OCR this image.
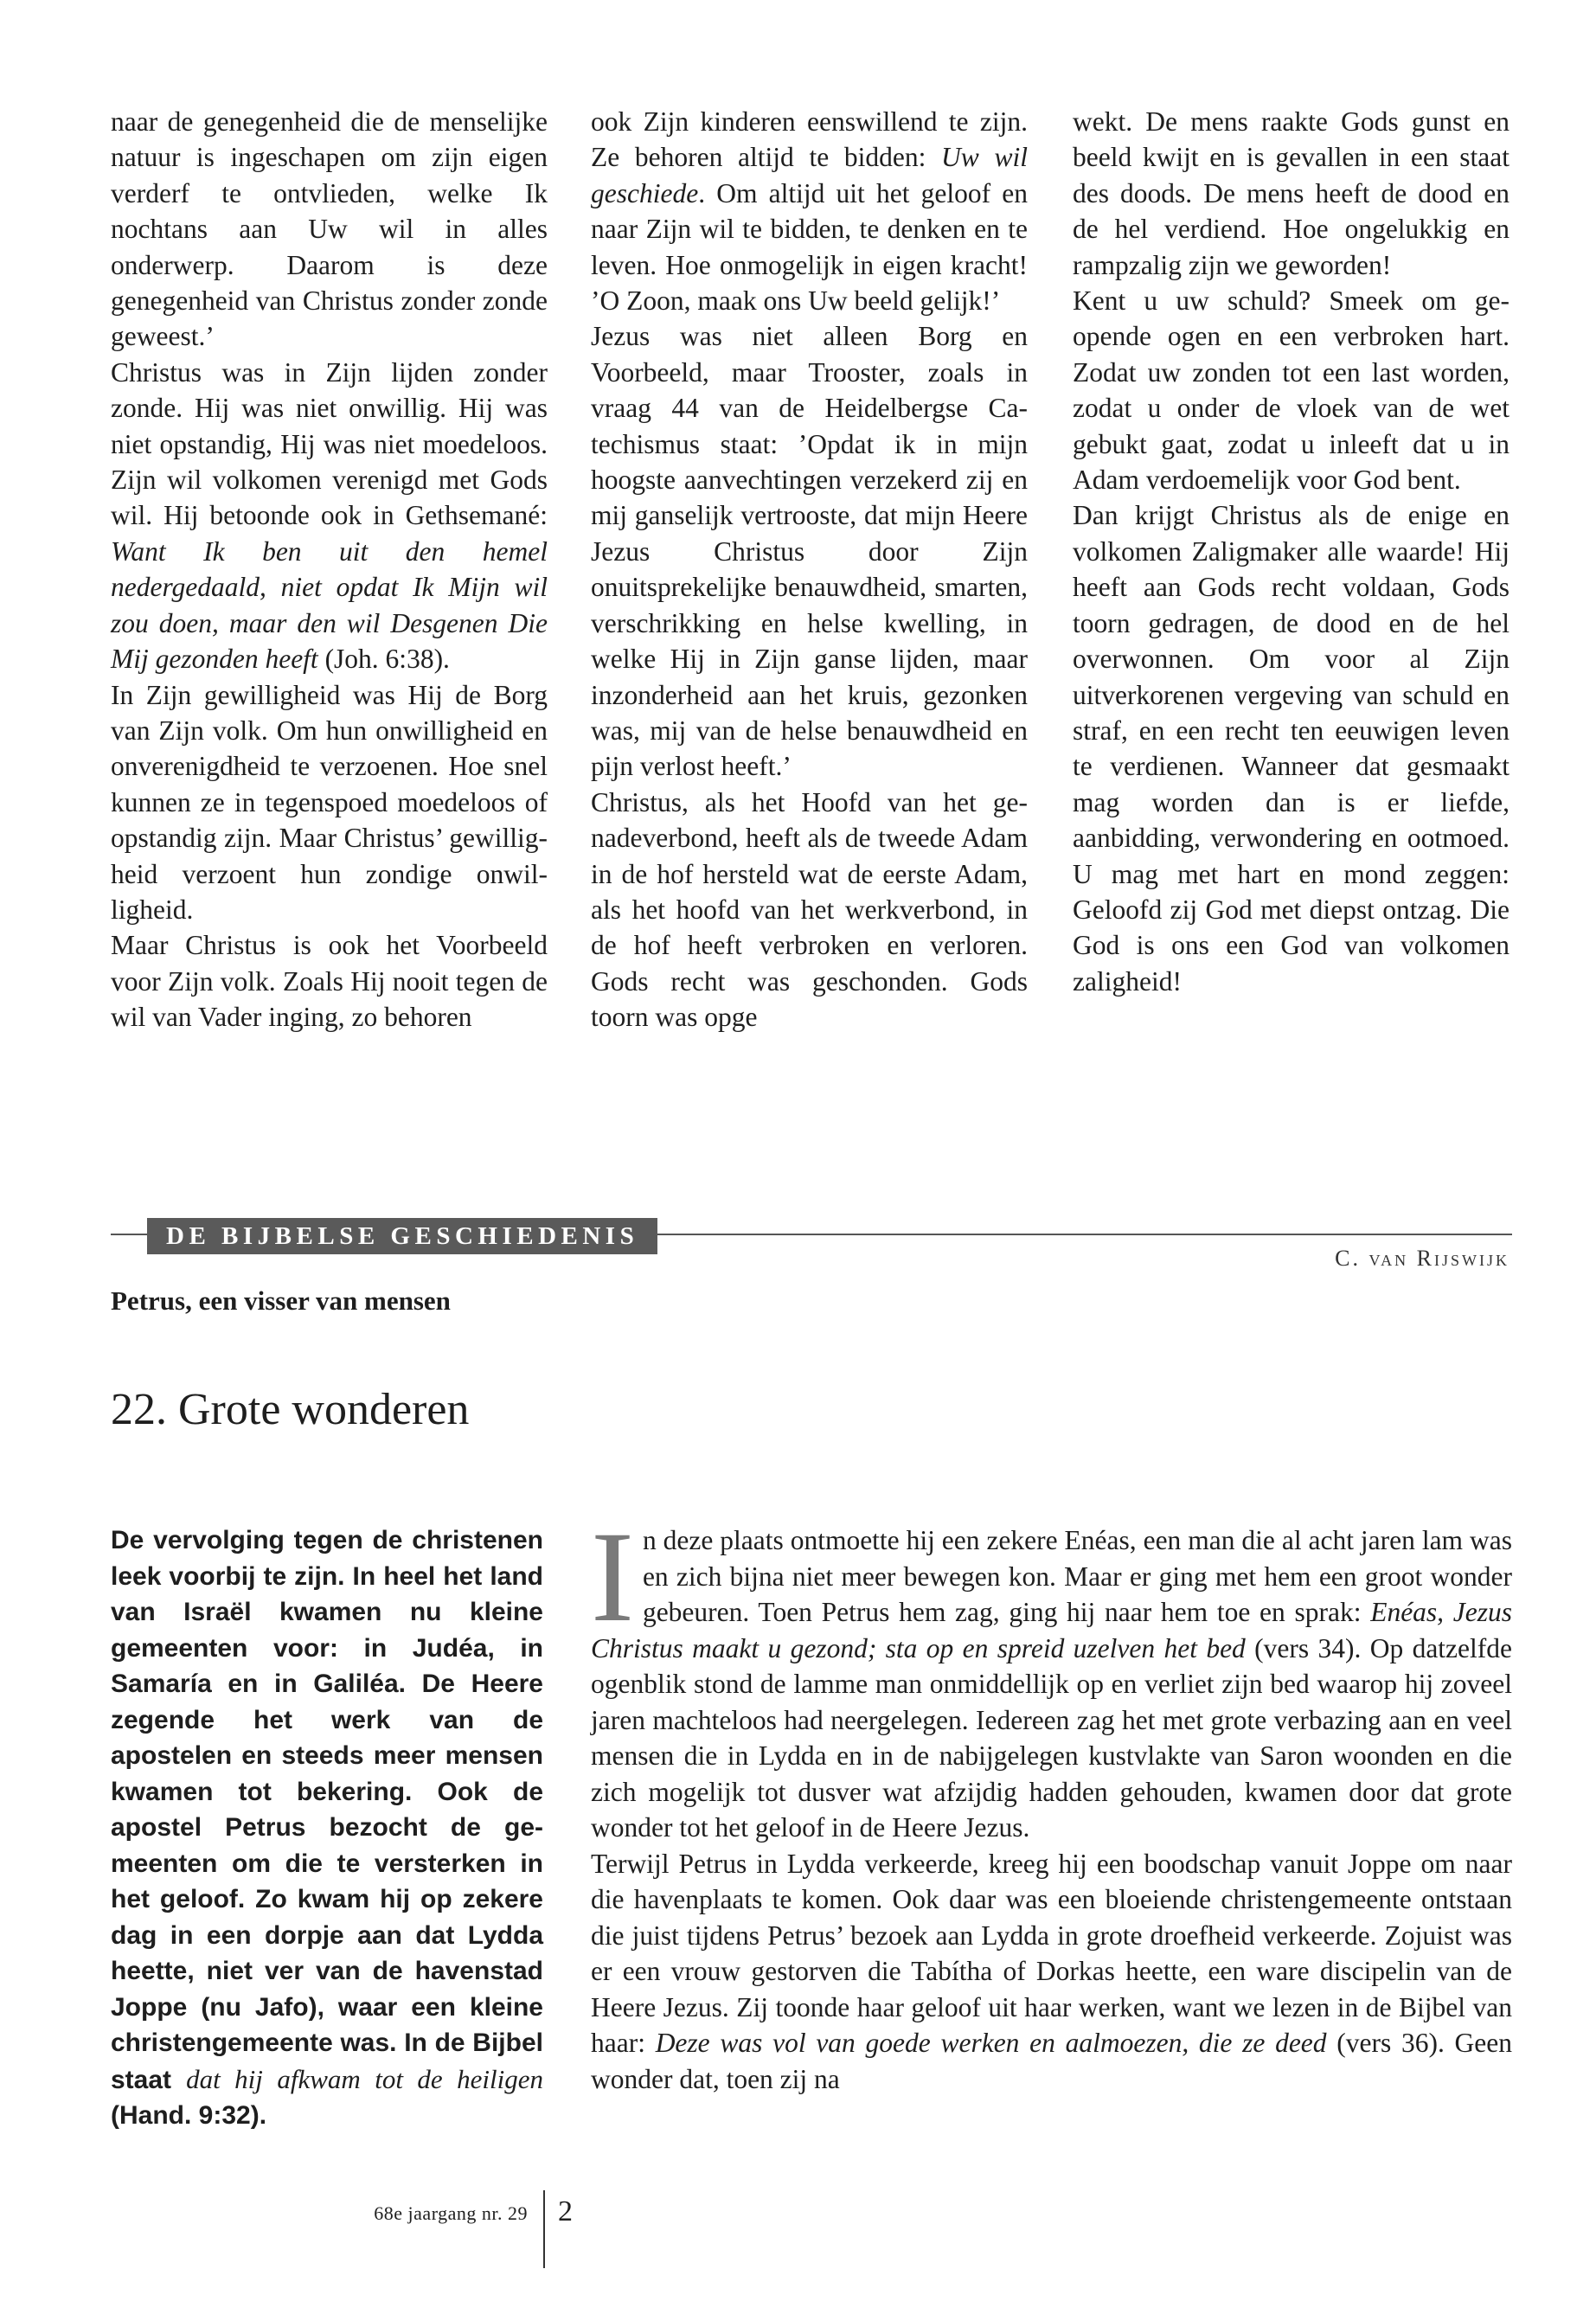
naar de genegenheid die de menselijke natuur is ingeschapen om zijn eigen verderf te ontvlieden, welke Ik nochtans aan Uw wil in alles onderwerp. Daarom is deze genegenheid van Christus zonder zonde geweest.’

Christus was in Zijn lijden zonder zonde. Hij was niet onwillig. Hij was niet opstandig, Hij was niet moedeloos. Zijn wil volkomen verenigd met Gods wil. Hij betoonde ook in Gethsemané: Want Ik ben uit den hemel nedergedaald, niet opdat Ik Mijn wil zou doen, maar den wil Desgenen Die Mij gezonden heeft (Joh. 6:38).

In Zijn gewilligheid was Hij de Borg van Zijn volk. Om hun onwilligheid en onverenigdheid te verzoenen. Hoe snel kunnen ze in tegenspoed moedeloos of opstandig zijn. Maar Christus’ gewilligheid verzoent hun zondige onwilligheid.

Maar Christus is ook het Voorbeeld voor Zijn volk. Zoals Hij nooit tegen de wil van Vader inging, zo behoren

ook Zijn kinderen eenswillend te zijn. Ze behoren altijd te bidden: Uw wil geschiede. Om altijd uit het geloof en naar Zijn wil te bidden, te denken en te leven. Hoe onmogelijk in eigen kracht! ’O Zoon, maak ons Uw beeld gelijk!’

Jezus was niet alleen Borg en Voorbeeld, maar Trooster, zoals in vraag 44 van de Heidelbergse Catechismus staat: ’Opdat ik in mijn hoogste aanvechtingen verzekerd zij en mij ganselijk vertrooste, dat mijn Heere Jezus Christus door Zijn onuitsprekelijke benauwdheid, smarten, verschrikking en helse kwelling, in welke Hij in Zijn ganse lijden, maar inzonderheid aan het kruis, gezonken was, mij van de helse benauwdheid en pijn verlost heeft.’

Christus, als het Hoofd van het genadeverbond, heeft als de tweede Adam in de hof hersteld wat de eerste Adam, als het hoofd van het werkverbond, in de hof heeft verbroken en verloren. Gods recht was geschonden. Gods toorn was opge

wekt. De mens raakte Gods gunst en beeld kwijt en is gevallen in een staat des doods. De mens heeft de dood en de hel verdiend. Hoe ongelukkig en rampzalig zijn we geworden!

Kent u uw schuld? Smeek om geopende ogen en een verbroken hart. Zodat uw zonden tot een last worden, zodat u onder de vloek van de wet gebukt gaat, zodat u inleeft dat u in Adam verdoemelijk voor God bent.

Dan krijgt Christus als de enige en volkomen Zaligmaker alle waarde! Hij heeft aan Gods recht voldaan, Gods toorn gedragen, de dood en de hel overwonnen. Om voor al Zijn uitverkorenen vergeving van schuld en straf, en een recht ten eeuwigen leven te verdienen. Wanneer dat gesmaakt mag worden dan is er liefde, aanbidding, verwondering en ootmoed. U mag met hart en mond zeggen: Geloofd zij God met diepst ontzag. Die God is ons een God van volkomen zaligheid!

DE BIJBELSE GESCHIEDENIS
C. van Rijswijk
Petrus, een visser van mensen
22. Grote wonderen
De vervolging tegen de christenen leek voorbij te zijn. In heel het land van Israël kwamen nu kleine gemeenten voor: in Judéa, in Samaría en in Galiléa. De Heere zegende het werk van de apostelen en steeds meer mensen kwamen tot bekering. Ook de apostel Petrus bezocht de gemeenten om die te versterken in het geloof. Zo kwam hij op zekere dag in een dorpje aan dat Lydda heette, niet ver van de havenstad Joppe (nu Jafo), waar een kleine christengemeente was. In de Bijbel staat dat hij afkwam tot de heiligen (Hand. 9:32).
I n deze plaats ontmoette hij een zekere Enéas, een man die al acht jaren lam was en zich bijna niet meer bewegen kon. Maar er ging met hem een groot wonder gebeuren. Toen Petrus hem zag, ging hij naar hem toe en sprak: Enéas, Jezus Christus maakt u gezond; sta op en spreid uzelven het bed (vers 34). Op datzelfde ogenblik stond de lamme man onmiddellijk op en verliet zijn bed waarop hij zoveel jaren machteloos had neergelegen. Iedereen zag het met grote verbazing aan en veel mensen die in Lydda en in de nabijgelegen kustvlakte van Saron woonden en die zich mogelijk tot dusver wat afzijdig hadden gehouden, kwamen door dat grote wonder tot het geloof in de Heere Jezus.

Terwijl Petrus in Lydda verkeerde, kreeg hij een boodschap vanuit Joppe om naar die havenplaats te komen. Ook daar was een bloeiende christengemeente ontstaan die juist tijdens Petrus’ bezoek aan Lydda in grote droefheid verkeerde. Zojuist was er een vrouw gestorven die Tabítha of Dorkas heette, een ware discipelin van de Heere Jezus. Zij toonde haar geloof uit haar werken, want we lezen in de Bijbel van haar: Deze was vol van goede werken en aalmoezen, die ze deed (vers 36). Geen wonder dat, toen zij na

68e jaargang nr. 29 2
